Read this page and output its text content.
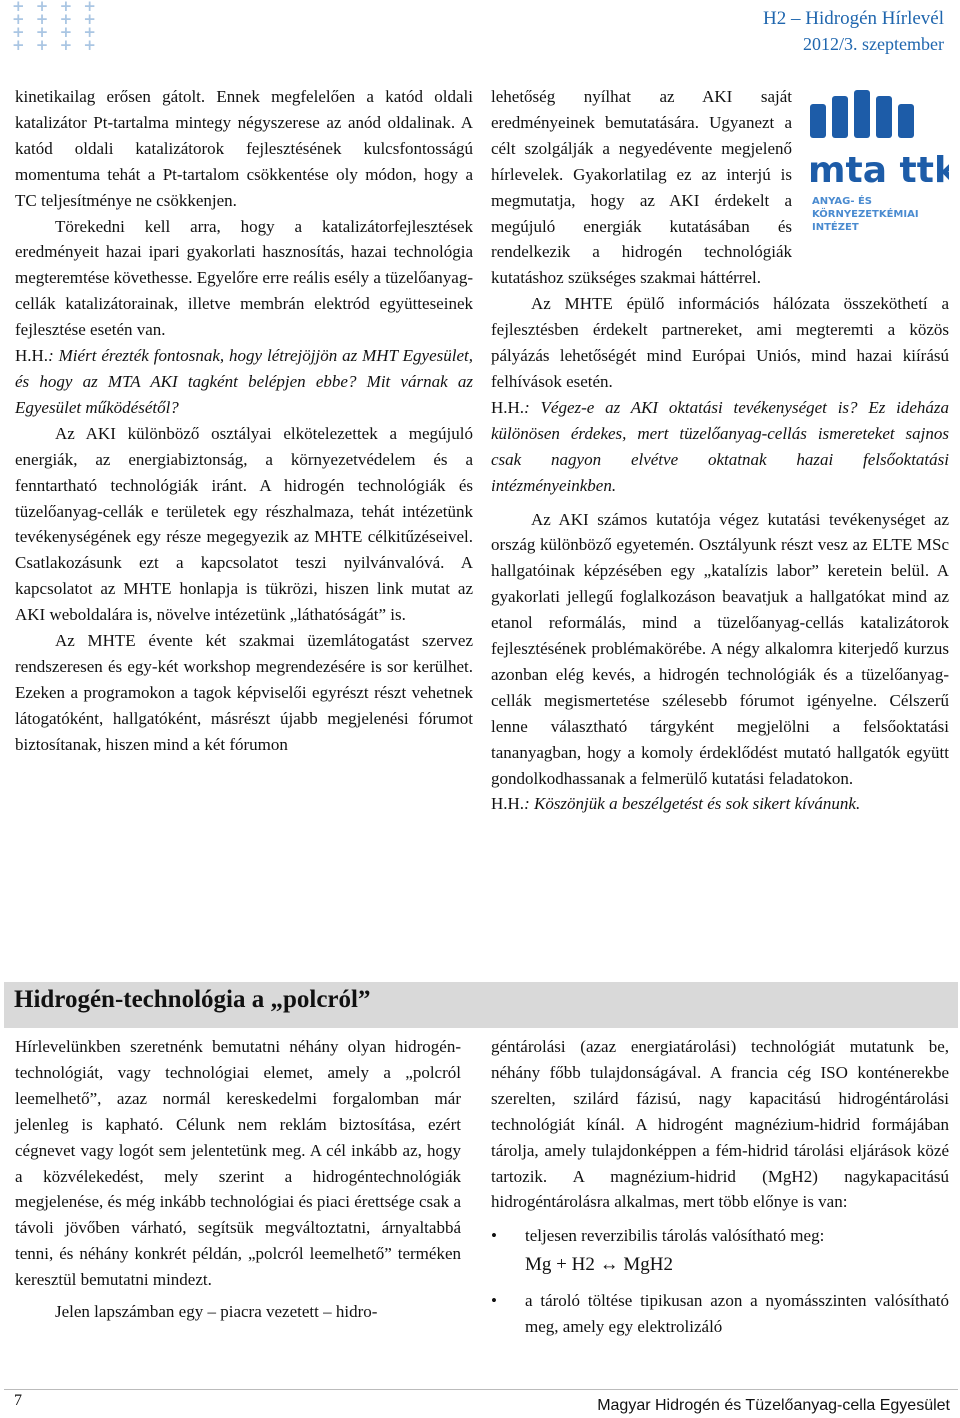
+ + + +
+ + + +
+ + + +
+ + + +
H2 – Hidrogén Hírlevél
2012/3. szeptember

kinetikailag erősen gátolt. Ennek megfelelően a katód oldali katalizátor Pt-tartalma mintegy négyszerese az anód oldalinak. A katód oldali katalizátorok fejlesztésének kulcsfontosságú momentuma tehát a Pt-tartalom csökkentése oly módon, hogy a TC teljesítménye ne csökkenjen.

Törekedni kell arra, hogy a katalizátorfejlesztések eredményeit hazai ipari gyakorlati hasznosítás, hazai technológia megteremtése követhesse. Egyelőre erre reális esély a tüzelőanyag-cellák katalizátorainak, illetve membrán elektród együtteseinek fejlesztése esetén van.

H.H.: Miért érezték fontosnak, hogy létrejöjjön az MHT Egyesület, és hogy az MTA AKI tagként belépjen ebbe? Mit várnak az Egyesület működésétől?

Az AKI különböző osztályai elkötelezettek a megújuló energiák, az energiabiztonság, a környezetvédelem és a fenntartható technológiák iránt. A hidrogén technológiák és tüzelőanyag-cellák e területek egy részhalmaza, tehát intézetünk tevékenységének egy része megegyezik az MHTE célkitűzéseivel. Csatlakozásunk ezt a kapcsolatot teszi nyilvánvalóvá. A kapcsolatot az MHTE honlapja is tükrözi, hiszen link mutat az AKI weboldalára is, növelve intézetünk „láthatóságát” is.

Az MHTE évente két szakmai üzemlátogatást szervez rendszeresen és egy-két workshop megrendezésére is sor kerülhet. Ezeken a programokon a tagok képviselői egyrészt részt vehetnek látogatóként, hallgatóként, másrészt újabb megjelenési fórumot biztosítanak, hiszen mind a két fórumon

mta ttk
ANYAG- ÉS
KÖRNYEZETKÉMIAI
INTÉZET

lehetőség nyílhat az AKI saját eredményeinek bemutatására. Ugyanezt a célt szolgálják a negyedévente megjelenő hírlevelek. Gyakorlatilag ez az interjú is megmutatja, hogy az AKI érdekelt a megújuló energiák kutatásában és rendelkezik a hidrogén technológiák kutatáshoz szükséges szakmai háttérrel.

Az MHTE épülő információs hálózata összeköthetí a fejlesztésben érdekelt partnereket, ami megteremti a közös pályázás lehetőségét mind Európai Uniós, mind hazai kiírású felhívások esetén.

H.H.: Végez-e az AKI oktatási tevékenységet is? Ez ideháza különösen érdekes, mert tüzelőanyag-cellás ismereteket sajnos csak nagyon elvétve oktatnak hazai felsőoktatási intézményeinkben.

Az AKI számos kutatója végez kutatási tevékenységet az ország különböző egyetemén. Osztályunk részt vesz az ELTE MSc hallgatóinak képzésében egy „katalízis labor” keretein belül. A gyakorlati jellegű foglalkozáson beavatjuk a hallgatókat mind az etanol reformálás, mind a tüzelőanyag-cellás katalizátorok fejlesztésének problémakörébe. A négy alkalomra kiterjedő kurzus azonban elég kevés, a hidrogén technológiák és a tüzelőanyag-cellák megismertetése szélesebb fórumot igényelne. Célszerű lenne választható tárgyként megjelölni a felsőoktatási tananyagban, hogy a komoly érdeklődést mutató hallgatók együtt gondolkodhassanak a felmerülő kutatási feladatokon.

H.H.: Köszönjük a beszélgetést és sok sikert kívánunk.

Hidrogén-technológia a „polcról”

Hírlevelünkben szeretnénk bemutatni néhány olyan hidrogén-technológiát, vagy technológiai elemet, amely a „polcról leemelhető”, azaz normál kereskedelmi forgalomban már jelenleg is kapható. Célunk nem reklám biztosítása, ezért cégnevet vagy logót sem jelentetünk meg. A cél inkább az, hogy a közvélekedést, mely szerint a hidrogéntechnológiák megjelenése, és még inkább technológiai és piaci érettsége csak a távoli jövőben várható, segítsük megváltoztatni, árnyaltabbá tenni, és néhány konkrét példán, „polcról leemelhető” terméken keresztül bemutatni mindezt.

Jelen lapszámban egy – piacra vezetett – hidro-

géntárolási (azaz energiatárolási) technológiát mutatunk be, néhány főbb tulajdonságával. A francia cég ISO konténerekbe szerelten, szilárd fázisú, nagy kapacitású hidrogéntárolási technológiát kínál. A hidrogént magnézium-hidrid formájában tárolja, amely tulajdonképpen a fém-hidrid tárolási eljárások közé tartozik. A magnézium-hidrid (MgH2) nagykapacitású hidrogéntárolásra alkalmas, mert több előnye is van:

• teljesen reverzibilis tárolás valósítható meg:
Mg + H2 ↔ MgH2
• a tároló töltése tipikusan azon a nyomásszinten valósítható meg, amely egy elektrolizáló
7	Magyar Hidrogén és Tüzelőanyag-cella Egyesület
